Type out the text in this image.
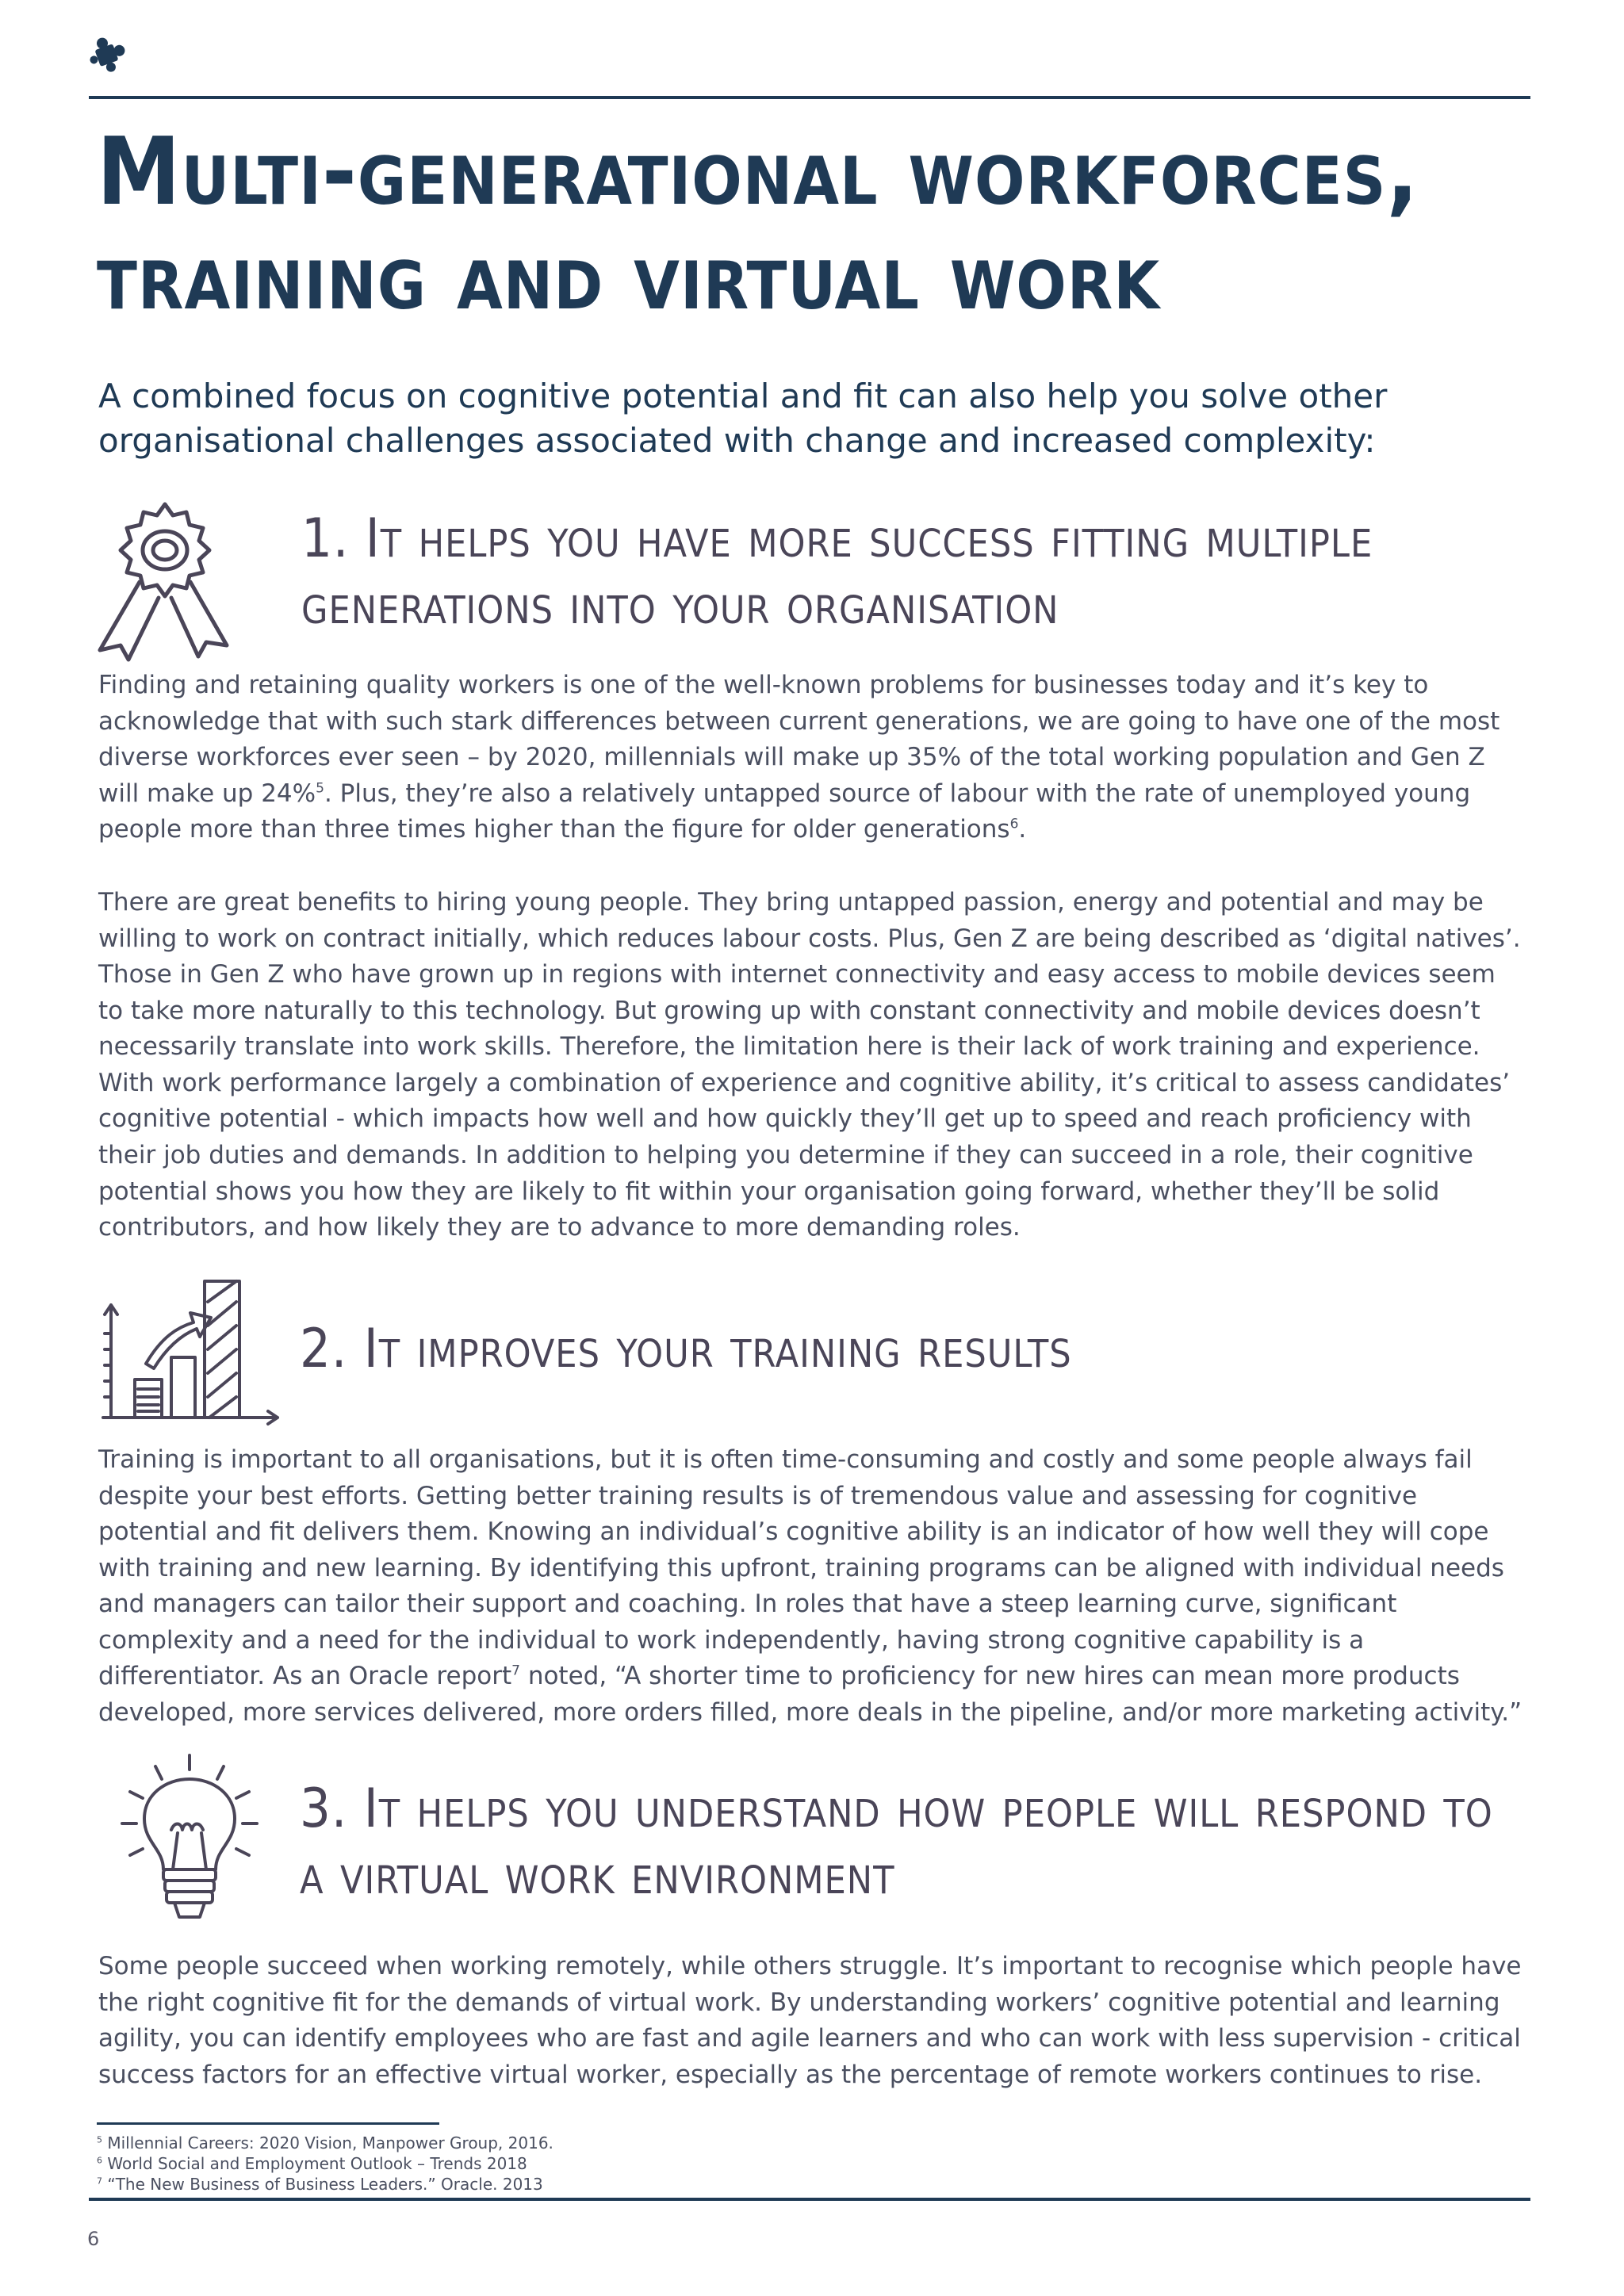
Multi-generational workforces,
training and virtual work

A combined focus on cognitive potential and fit can also help you solve other organisational challenges associated with change and increased complexity:

1. It helps you have more success fitting multiple
generations into your organisation

Finding and retaining quality workers is one of the well-known problems for businesses today and it’s key to acknowledge that with such stark differences between current generations, we are going to have one of the most diverse workforces ever seen – by 2020, millennials will make up 35% of the total working population and Gen Z will make up 24%$^5$. Plus, they’re also a relatively untapped source of labour with the rate of unemployed young people more than three times higher than the figure for older generations$^6$.

There are great benefits to hiring young people. They bring untapped passion, energy and potential and may be willing to work on contract initially, which reduces labour costs. Plus, Gen Z are being described as ‘digital natives’. Those in Gen Z who have grown up in regions with internet connectivity and easy access to mobile devices seem to take more naturally to this technology. But growing up with constant connectivity and mobile devices doesn’t necessarily translate into work skills. Therefore, the limitation here is their lack of work training and experience. With work performance largely a combination of experience and cognitive ability, it’s critical to assess candidates’ cognitive potential - which impacts how well and how quickly they’ll get up to speed and reach proficiency with their job duties and demands. In addition to helping you determine if they can succeed in a role, their cognitive potential shows you how they are likely to fit within your organisation going forward, whether they’ll be solid contributors, and how likely they are to advance to more demanding roles.

2. It improves your training results

Training is important to all organisations, but it is often time-consuming and costly and some people always fail despite your best efforts. Getting better training results is of tremendous value and assessing for cognitive potential and fit delivers them. Knowing an individual’s cognitive ability is an indicator of how well they will cope with training and new learning. By identifying this upfront, training programs can be aligned with individual needs and managers can tailor their support and coaching. In roles that have a steep learning curve, significant complexity and a need for the individual to work independently, having strong cognitive capability is a differentiator. As an Oracle report$^7$ noted, “A shorter time to proficiency for new hires can mean more products developed, more services delivered, more orders filled, more deals in the pipeline, and/or more marketing activity.”

3. It helps you understand how people will respond to
a virtual work environment

Some people succeed when working remotely, while others struggle. It’s important to recognise which people have the right cognitive fit for the demands of virtual work. By understanding workers’ cognitive potential and learning agility, you can identify employees who are fast and agile learners and who can work with less supervision - critical success factors for an effective virtual worker, especially as the percentage of remote workers continues to rise.

$^5$ Millennial Careers: 2020 Vision, Manpower Group, 2016.
$^6$ World Social and Employment Outlook – Trends 2018
$^7$ “The New Business of Business Leaders.” Oracle. 2013
6
